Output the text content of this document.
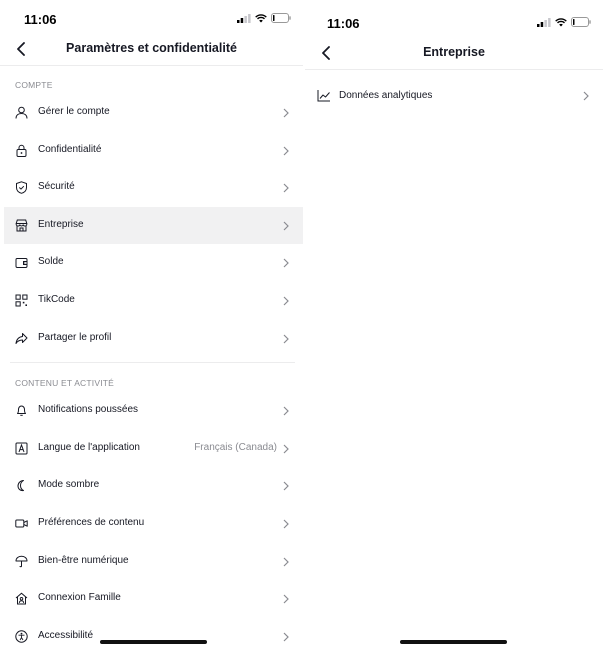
11:06
Paramètres et confidentialité
COMPTE
Gérer le compte
Confidentialité
Sécurité
Entreprise
Solde
TikCode
Partager le profil
CONTENU ET ACTIVITÉ
Notifications poussées
Langue de l'application	Français (Canada)
Mode sombre
Préférences de contenu
Bien-être numérique
Connexion Famille
Accessibilité
11:06
Entreprise
Données analytiques
